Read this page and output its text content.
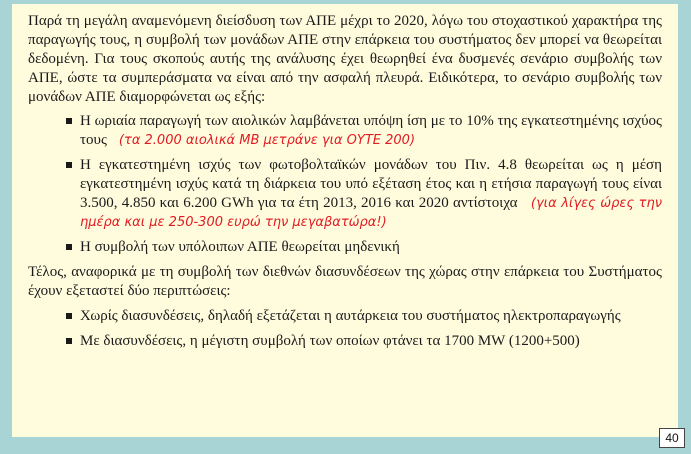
Παρά τη μεγάλη αναμενόμενη διείσδυση των ΑΠΕ μέχρι το 2020, λόγω του στοχαστικού χαρακτήρα της παραγωγής τους, η συμβολή των μονάδων ΑΠΕ στην επάρκεια του συστήματος δεν μπορεί να θεωρείται δεδομένη. Για τους σκοπούς αυτής της ανάλυσης έχει θεωρηθεί ένα δυσμενές σενάριο συμβολής των ΑΠΕ, ώστε τα συμπεράσματα να είναι από την ασφαλή πλευρά. Ειδικότερα, το σενάριο συμβολής των μονάδων ΑΠΕ διαμορφώνεται ως εξής:

Η ωριαία παραγωγή των αιολικών λαμβάνεται υπόψη ίση με το 10% της εγκατεστημένης ισχύος τους   (τα 2.000 αιολικά MB μετράνε για ΟΥΤΕ 200)
Η εγκατεστημένη ισχύς των φωτοβολταϊκών μονάδων του Πιν. 4.8 θεωρείται ως η μέση εγκατεστημένη ισχύς κατά τη διάρκεια του υπό εξέταση έτος και η ετήσια παραγωγή τους είναι 3.500, 4.850 και 6.200 GWh για τα έτη 2013, 2016 και 2020 αντίστοιχα   (για λίγες ώρες την ημέρα και με 250-300 ευρώ την μεγαβατώρα!)
Η συμβολή των υπόλοιπων ΑΠΕ θεωρείται μηδενική

Τέλος, αναφορικά με τη συμβολή των διεθνών διασυνδέσεων της χώρας στην επάρκεια του Συστήματος έχουν εξεταστεί δύο περιπτώσεις:

Χωρίς διασυνδέσεις, δηλαδή εξετάζεται η αυτάρκεια του συστήματος ηλεκτροπαραγωγής
Με διασυνδέσεις, η μέγιστη συμβολή των οποίων φτάνει τα 1700 MW (1200+500)
40
